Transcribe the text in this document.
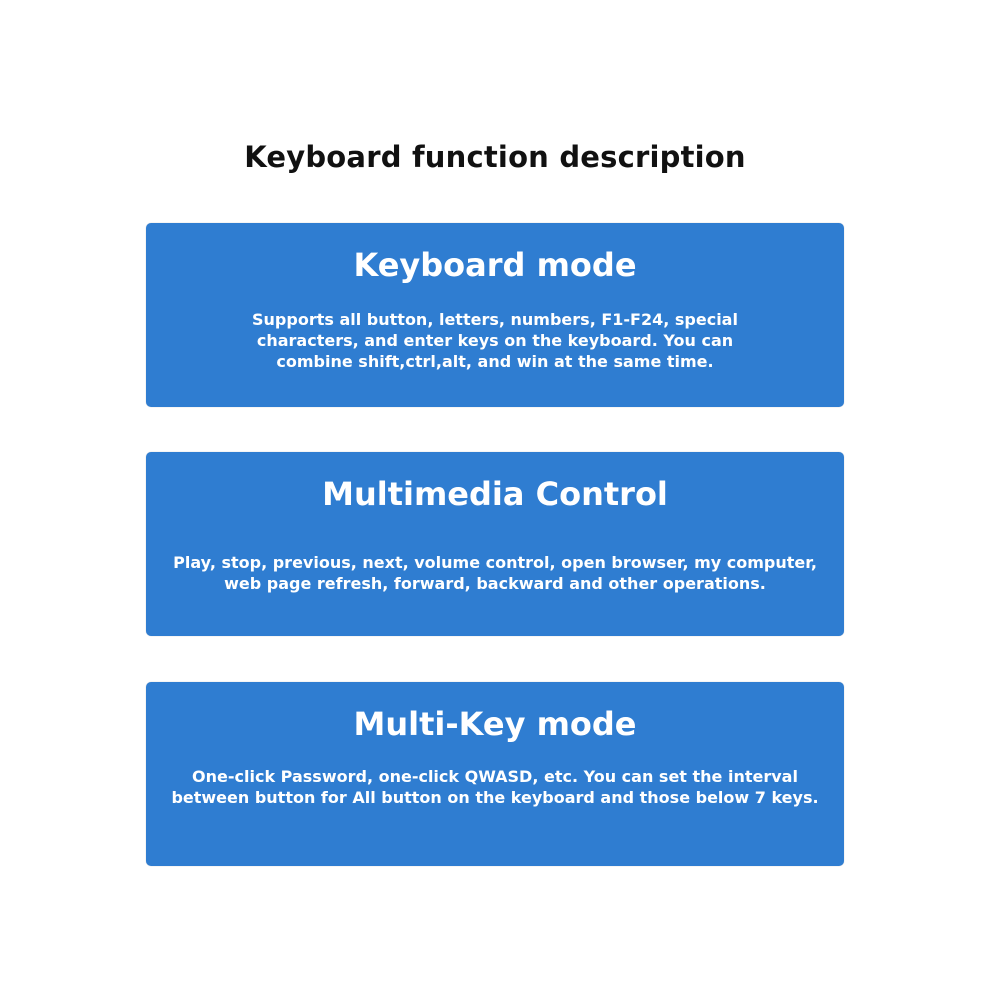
Keyboard function description
Keyboard mode
Supports all button, letters, numbers, F1-F24, special characters, and enter keys on the keyboard. You can combine shift,ctrl,alt, and win at the same time.
Multimedia Control
Play, stop, previous, next, volume control, open browser, my computer, web page refresh, forward, backward and other operations.
Multi-Key mode
One-click Password, one-click QWASD, etc. You can set the interval between button for All button on the keyboard and those below 7 keys.
